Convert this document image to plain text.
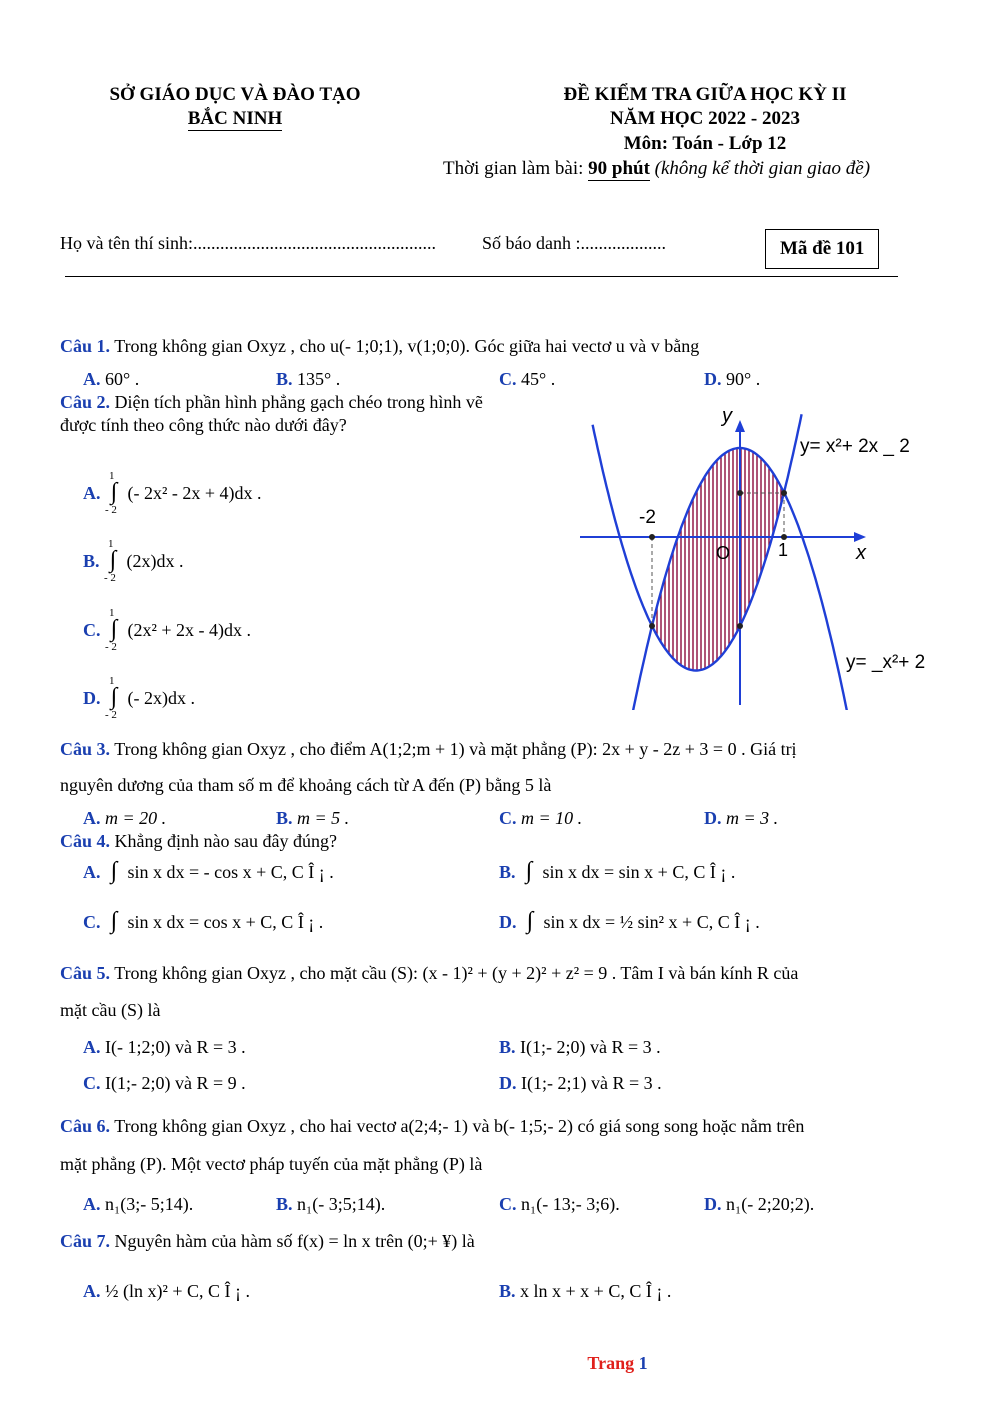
SỞ GIÁO DỤC VÀ ĐÀO TẠO
BẮC NINH
ĐỀ KIỂM TRA GIỮA HỌC KỲ II
NĂM HỌC 2022 - 2023
Môn: Toán - Lớp 12
Thời gian làm bài: 90 phút (không kể thời gian giao đề)
Họ và tên thí sinh:......................................................	Số báo danh :...................	Mã đề 101
Câu 1. Trong không gian Oxyz , cho u(- 1;0;1), v(1;0;0). Góc giữa hai vectơ u và v bằng
A. 60° .	B. 135° .	C. 45° .	D. 90° .
Câu 2. Diện tích phần hình phẳng gạch chéo trong hình vẽ
được tính theo công thức nào dưới đây?
A. ∫
1
- 2
(- 2x² - 2x + 4)dx .
B. ∫
1
- 2
(2x)dx .
C. ∫
1
- 2
(2x² + 2x - 4)dx .
D. ∫
1
- 2
(- 2x)dx .
y
x
O
-2
1
y= x²+ 2x _ 2
y= _x²+ 2
Câu 3. Trong không gian Oxyz , cho điểm A(1;2;m + 1) và mặt phẳng (P): 2x + y - 2z + 3 = 0 . Giá trị
nguyên dương của tham số m để khoảng cách từ A đến (P) bằng 5 là
A. m = 20 .	B. m = 5 .	C. m = 10 .	D. m = 3 .
Câu 4. Khẳng định nào sau đây đúng?
A. ∫ sin x dx = - cos x + C, C Î ¡ .	B. ∫ sin x dx = sin x + C, C Î ¡ .
C. ∫ sin x dx = cos x + C, C Î ¡ .	D. ∫ sin x dx = ½ sin² x + C, C Î ¡ .
Câu 5. Trong không gian Oxyz , cho mặt cầu (S): (x - 1)² + (y + 2)² + z² = 9 . Tâm I và bán kính R của
mặt cầu (S) là
A. I(- 1;2;0) và R = 3 .	B. I(1;- 2;0) và R = 3 .
C. I(1;- 2;0) và R = 9 .	D. I(1;- 2;1) và R = 3 .
Câu 6. Trong không gian Oxyz , cho hai vectơ a(2;4;- 1) và b(- 1;5;- 2) có giá song song hoặc nằm trên
mặt phẳng (P). Một vectơ pháp tuyến của mặt phẳng (P) là
A. n₁(3;- 5;14).	B. n₁(- 3;5;14).	C. n₁(- 13;- 3;6).	D. n₁(- 2;20;2).
Câu 7. Nguyên hàm của hàm số f(x) = ln x trên (0;+ ¥) là
A. ½ (ln x)² + C, C Î ¡ .	B. x ln x + x + C, C Î ¡ .
Trang 1
